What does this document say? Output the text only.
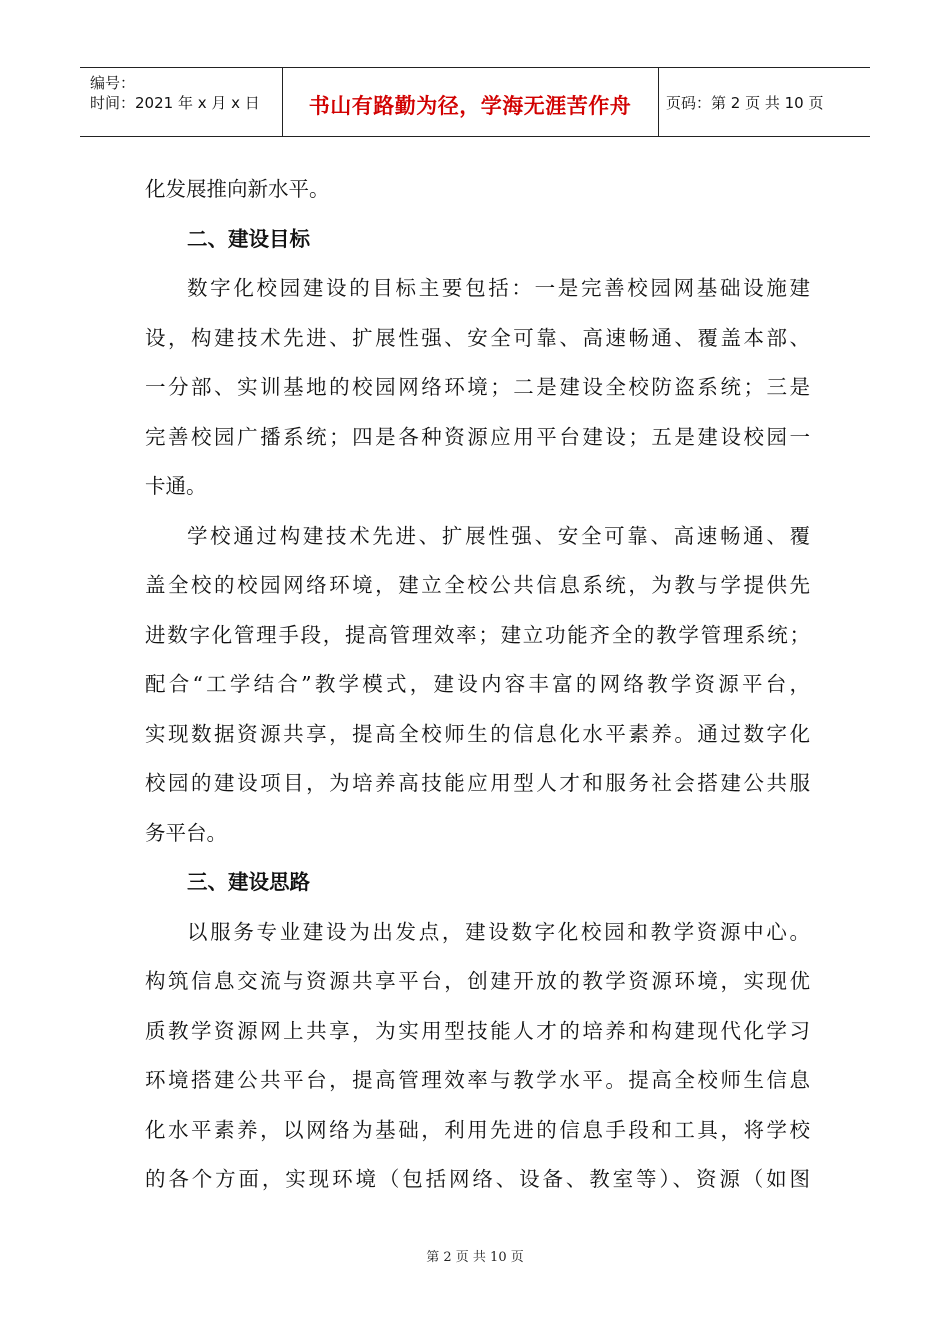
编号：
时间：2021 年 x 月 x 日	书山有路勤为径，学海无涯苦作舟	页码：第 2 页 共 10 页
化发展推向新水平。
二、建设目标
数字化校园建设的目标主要包括：一是完善校园网基础设施建
设，构建技术先进、扩展性强、安全可靠、高速畅通、覆盖本部、
一分部、实训基地的校园网络环境；二是建设全校防盗系统；三是
完善校园广播系统；四是各种资源应用平台建设；五是建设校园一
卡通。
学校通过构建技术先进、扩展性强、安全可靠、高速畅通、覆
盖全校的校园网络环境，建立全校公共信息系统，为教与学提供先
进数字化管理手段，提高管理效率；建立功能齐全的教学管理系统；
配合“工学结合”教学模式，建设内容丰富的网络教学资源平台，
实现数据资源共享，提高全校师生的信息化水平素养。通过数字化
校园的建设项目，为培养高技能应用型人才和服务社会搭建公共服
务平台。
三、建设思路
以服务专业建设为出发点，建设数字化校园和教学资源中心。
构筑信息交流与资源共享平台，创建开放的教学资源环境，实现优
质教学资源网上共享，为实用型技能人才的培养和构建现代化学习
环境搭建公共平台，提高管理效率与教学水平。提高全校师生信息
化水平素养，以网络为基础，利用先进的信息手段和工具，将学校
的各个方面，实现环境（包括网络、设备、教室等）、资源（如图
第 2 页 共 10 页
